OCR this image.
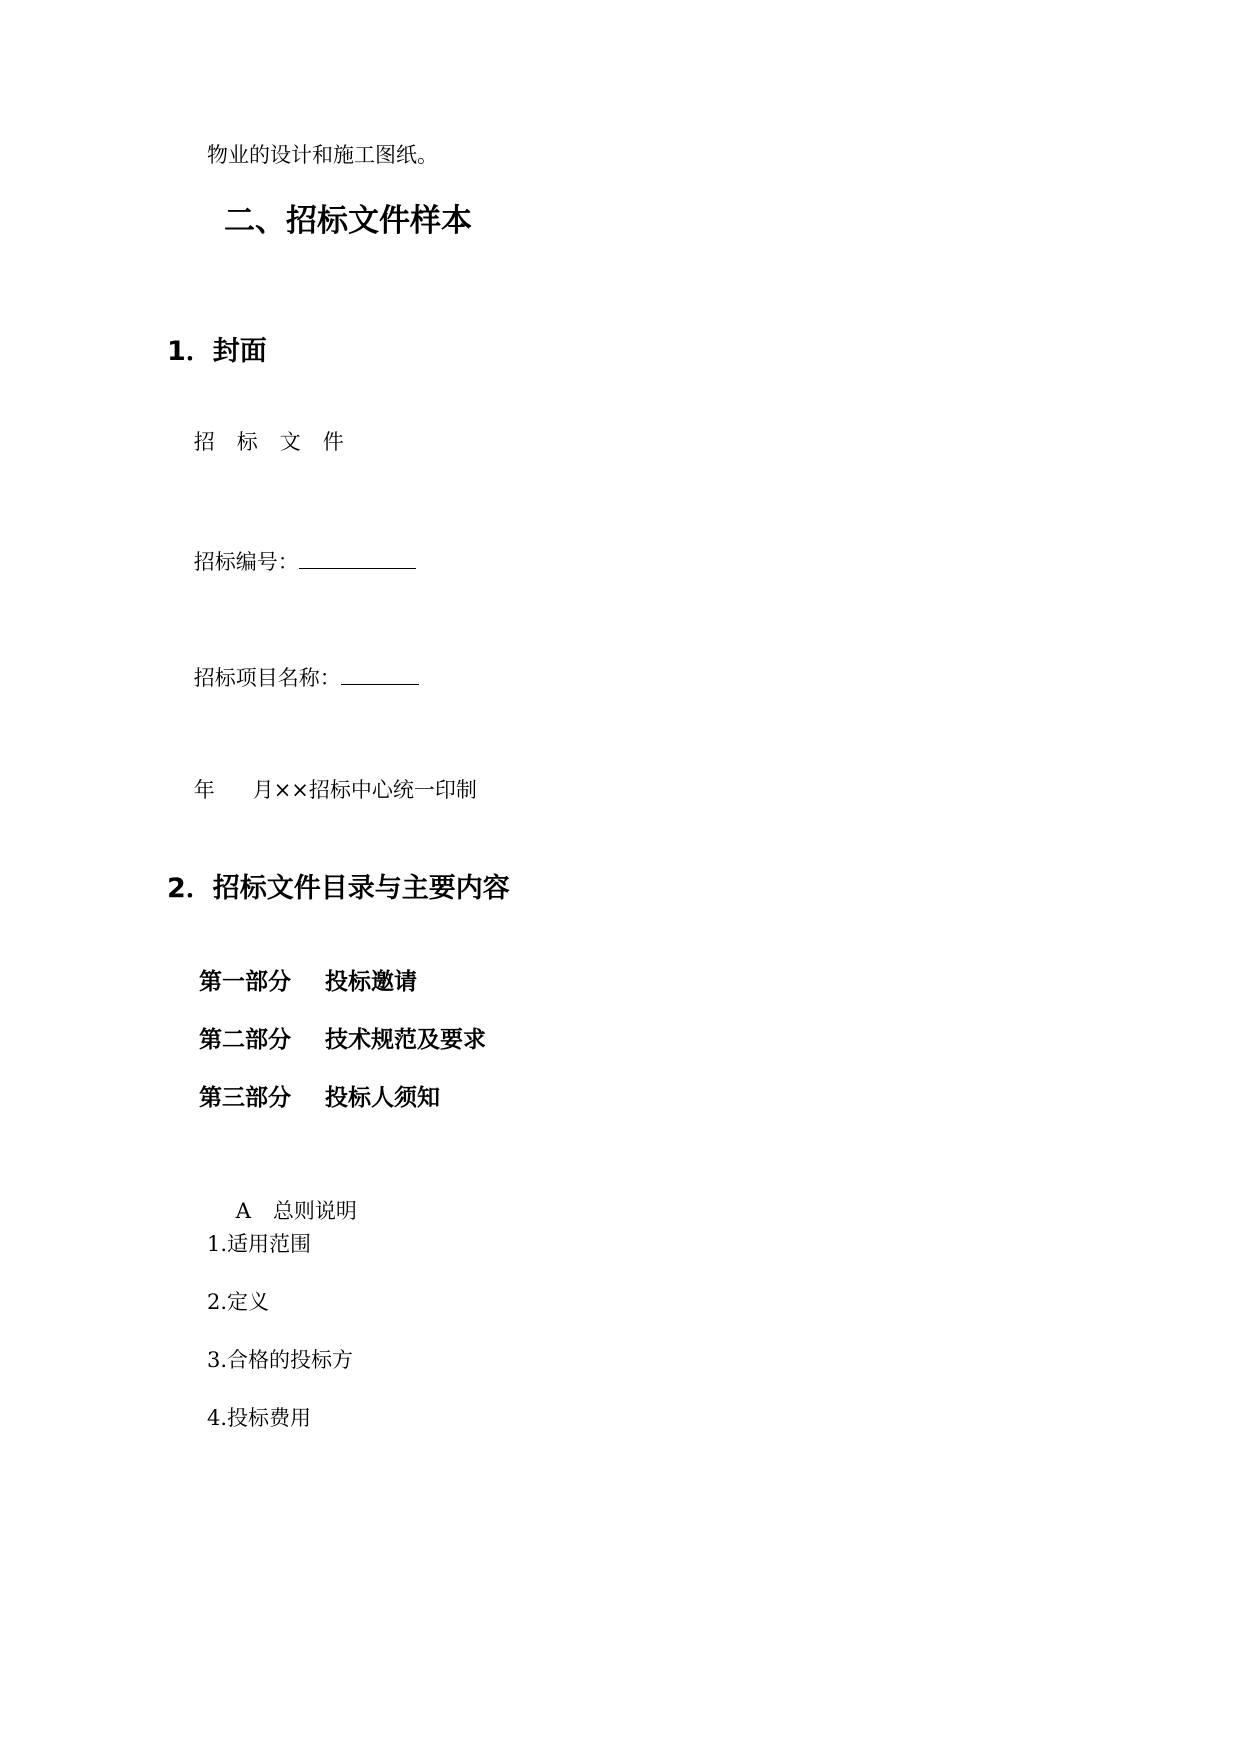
物业的设计和施工图纸。
二、招标文件样本
1．封面

招 标 文 件

招标编号：

招标项目名称：

年 月××招标中心统一印制

2．招标文件目录与主要内容

第一部分 投标邀请

第二部分 技术规范及要求

第三部分 投标人须知

A 总则说明

1.适用范围
2.定义
3.合格的投标方
4.投标费用
